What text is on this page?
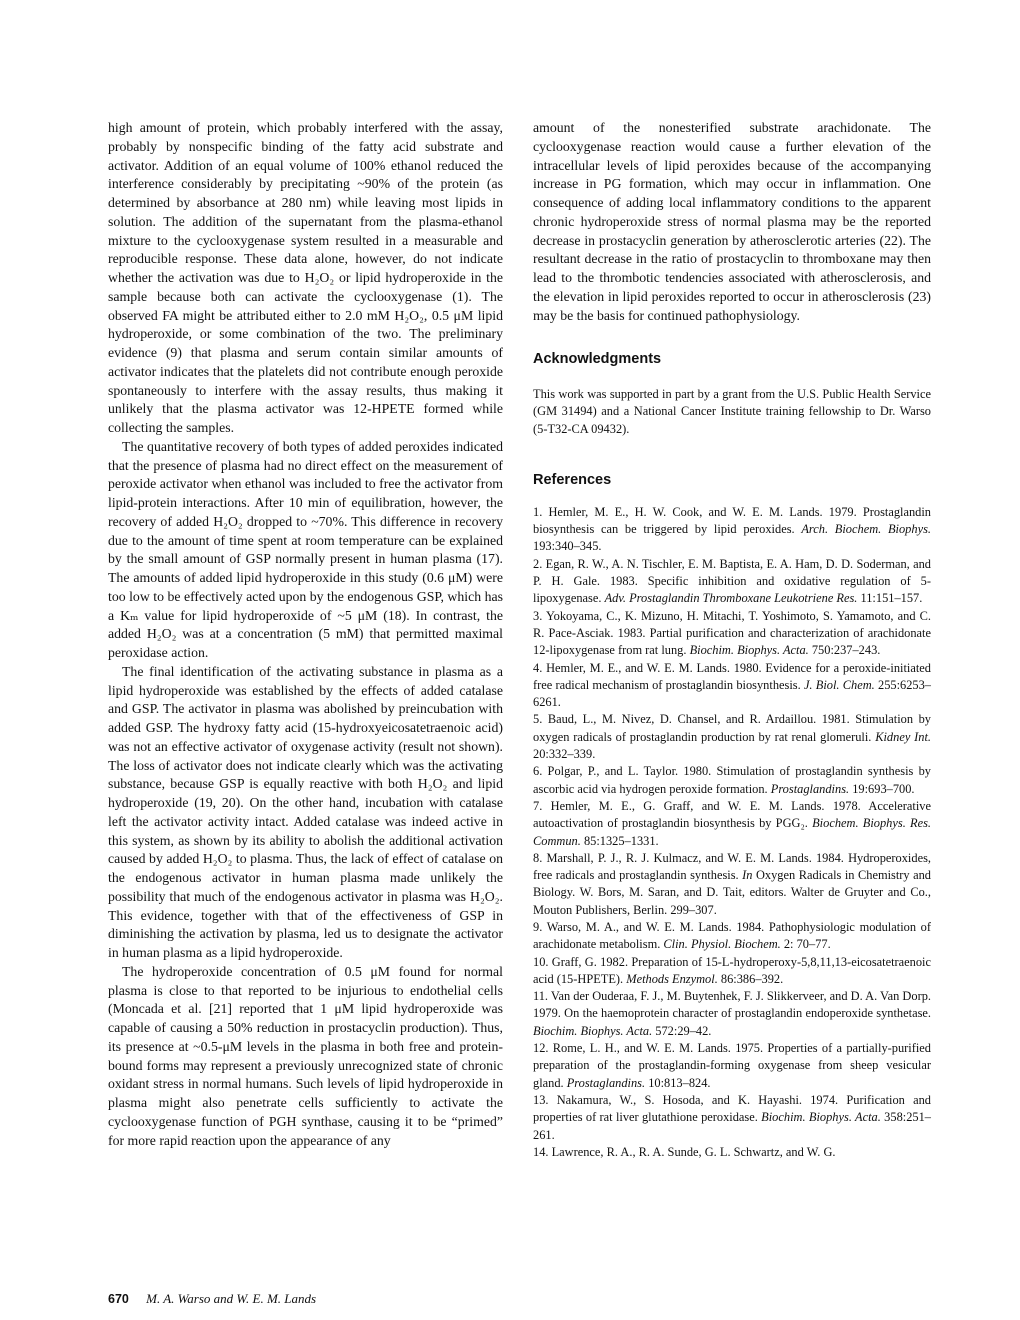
high amount of protein, which probably interfered with the assay, probably by nonspecific binding of the fatty acid substrate and activator. Addition of an equal volume of 100% ethanol reduced the interference considerably by precipitating ~90% of the protein (as determined by absorbance at 280 nm) while leaving most lipids in solution. The addition of the supernatant from the plasma-ethanol mixture to the cyclooxygenase system resulted in a measurable and reproducible response. These data alone, however, do not indicate whether the activation was due to H₂O₂ or lipid hydroperoxide in the sample because both can activate the cyclooxygenase (1). The observed FA might be attributed either to 2.0 mM H₂O₂, 0.5 μM lipid hydroperoxide, or some combination of the two. The preliminary evidence (9) that plasma and serum contain similar amounts of activator indicates that the platelets did not contribute enough peroxide spontaneously to interfere with the assay results, thus making it unlikely that the plasma activator was 12-HPETE formed while collecting the samples.

The quantitative recovery of both types of added peroxides indicated that the presence of plasma had no direct effect on the measurement of peroxide activator when ethanol was included to free the activator from lipid-protein interactions. After 10 min of equilibration, however, the recovery of added H₂O₂ dropped to ~70%. This difference in recovery due to the amount of time spent at room temperature can be explained by the small amount of GSP normally present in human plasma (17). The amounts of added lipid hydroperoxide in this study (0.6 μM) were too low to be effectively acted upon by the endogenous GSP, which has a Kₘ value for lipid hydroperoxide of ~5 μM (18). In contrast, the added H₂O₂ was at a concentration (5 mM) that permitted maximal peroxidase action.

The final identification of the activating substance in plasma as a lipid hydroperoxide was established by the effects of added catalase and GSP. The activator in plasma was abolished by preincubation with added GSP. The hydroxy fatty acid (15-hydroxyeicosatetraenoic acid) was not an effective activator of oxygenase activity (result not shown). The loss of activator does not indicate clearly which was the activating substance, because GSP is equally reactive with both H₂O₂ and lipid hydroperoxide (19, 20). On the other hand, incubation with catalase left the activator activity intact. Added catalase was indeed active in this system, as shown by its ability to abolish the additional activation caused by added H₂O₂ to plasma. Thus, the lack of effect of catalase on the endogenous activator in human plasma made unlikely the possibility that much of the endogenous activator in plasma was H₂O₂. This evidence, together with that of the effectiveness of GSP in diminishing the activation by plasma, led us to designate the activator in human plasma as a lipid hydroperoxide.

The hydroperoxide concentration of 0.5 μM found for normal plasma is close to that reported to be injurious to endothelial cells (Moncada et al. [21] reported that 1 μM lipid hydroperoxide was capable of causing a 50% reduction in prostacyclin production). Thus, its presence at ~0.5-μM levels in the plasma in both free and protein-bound forms may represent a previously unrecognized state of chronic oxidant stress in normal humans. Such levels of lipid hydroperoxide in plasma might also penetrate cells sufficiently to activate the cyclooxygenase function of PGH synthase, causing it to be “primed” for more rapid reaction upon the appearance of any

amount of the nonesterified substrate arachidonate. The cyclooxygenase reaction would cause a further elevation of the intracellular levels of lipid peroxides because of the accompanying increase in PG formation, which may occur in inflammation. One consequence of adding local inflammatory conditions to the apparent chronic hydroperoxide stress of normal plasma may be the reported decrease in prostacyclin generation by atherosclerotic arteries (22). The resultant decrease in the ratio of prostacyclin to thromboxane may then lead to the thrombotic tendencies associated with atherosclerosis, and the elevation in lipid peroxides reported to occur in atherosclerosis (23) may be the basis for continued pathophysiology.

Acknowledgments

This work was supported in part by a grant from the U.S. Public Health Service (GM 31494) and a National Cancer Institute training fellowship to Dr. Warso (5-T32-CA 09432).

References

1. Hemler, M. E., H. W. Cook, and W. E. M. Lands. 1979. Prostaglandin biosynthesis can be triggered by lipid peroxides. Arch. Biochem. Biophys. 193:340–345.

2. Egan, R. W., A. N. Tischler, E. M. Baptista, E. A. Ham, D. D. Soderman, and P. H. Gale. 1983. Specific inhibition and oxidative regulation of 5-lipoxygenase. Adv. Prostaglandin Thromboxane Leukotriene Res. 11:151–157.

3. Yokoyama, C., K. Mizuno, H. Mitachi, T. Yoshimoto, S. Yamamoto, and C. R. Pace-Asciak. 1983. Partial purification and characterization of arachidonate 12-lipoxygenase from rat lung. Biochim. Biophys. Acta. 750:237–243.

4. Hemler, M. E., and W. E. M. Lands. 1980. Evidence for a peroxide-initiated free radical mechanism of prostaglandin biosynthesis. J. Biol. Chem. 255:6253–6261.

5. Baud, L., M. Nivez, D. Chansel, and R. Ardaillou. 1981. Stimulation by oxygen radicals of prostaglandin production by rat renal glomeruli. Kidney Int. 20:332–339.

6. Polgar, P., and L. Taylor. 1980. Stimulation of prostaglandin synthesis by ascorbic acid via hydrogen peroxide formation. Prostaglandins. 19:693–700.

7. Hemler, M. E., G. Graff, and W. E. M. Lands. 1978. Accelerative autoactivation of prostaglandin biosynthesis by PGG₂. Biochem. Biophys. Res. Commun. 85:1325–1331.

8. Marshall, P. J., R. J. Kulmacz, and W. E. M. Lands. 1984. Hydroperoxides, free radicals and prostaglandin synthesis. In Oxygen Radicals in Chemistry and Biology. W. Bors, M. Saran, and D. Tait, editors. Walter de Gruyter and Co., Mouton Publishers, Berlin. 299–307.

9. Warso, M. A., and W. E. M. Lands. 1984. Pathophysiologic modulation of arachidonate metabolism. Clin. Physiol. Biochem. 2: 70–77.

10. Graff, G. 1982. Preparation of 15-L-hydroperoxy-5,8,11,13-eicosatetraenoic acid (15-HPETE). Methods Enzymol. 86:386–392.

11. Van der Ouderaa, F. J., M. Buytenhek, F. J. Slikkerveer, and D. A. Van Dorp. 1979. On the haemoprotein character of prostaglandin endoperoxide synthetase. Biochim. Biophys. Acta. 572:29–42.

12. Rome, L. H., and W. E. M. Lands. 1975. Properties of a partially-purified preparation of the prostaglandin-forming oxygenase from sheep vesicular gland. Prostaglandins. 10:813–824.

13. Nakamura, W., S. Hosoda, and K. Hayashi. 1974. Purification and properties of rat liver glutathione peroxidase. Biochim. Biophys. Acta. 358:251–261.

14. Lawrence, R. A., R. A. Sunde, G. L. Schwartz, and W. G.

670 M. A. Warso and W. E. M. Lands
